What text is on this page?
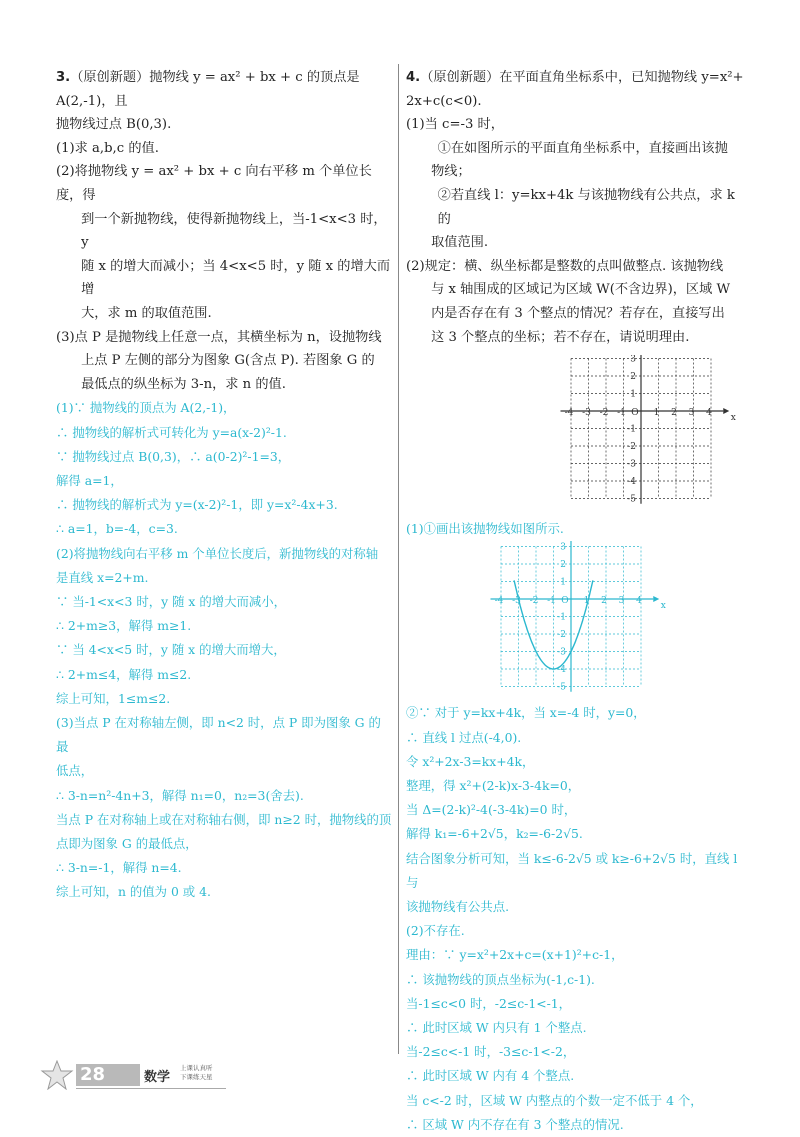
3.（原创新题）抛物线 y = ax² + bx + c 的顶点是 A(2,-1)，且
抛物线过点 B(0,3).
(1)求 a,b,c 的值.
(2)将抛物线 y = ax² + bx + c 向右平移 m 个单位长度，得
到一个新抛物线，使得新抛物线上，当-1<x<3 时，y
随 x 的增大而减小；当 4<x<5 时，y 随 x 的增大而增
大，求 m 的取值范围.
(3)点 P 是抛物线上任意一点，其横坐标为 n，设抛物线
上点 P 左侧的部分为图象 G(含点 P). 若图象 G 的
最低点的纵坐标为 3-n，求 n 的值.
(1)∵ 抛物线的顶点为 A(2,-1)，
∴ 抛物线的解析式可转化为 y=a(x-2)²-1.
∵ 抛物线过点 B(0,3)，∴ a(0-2)²-1=3，
解得 a=1，
∴ 抛物线的解析式为 y=(x-2)²-1，即 y=x²-4x+3.
∴ a=1，b=-4，c=3.
(2)将抛物线向右平移 m 个单位长度后，新抛物线的对称轴
是直线 x=2+m.
∵ 当-1<x<3 时，y 随 x 的增大而减小，
∴ 2+m≥3，解得 m≥1.
∵ 当 4<x<5 时，y 随 x 的增大而增大，
∴ 2+m≤4，解得 m≤2.
综上可知，1≤m≤2.
(3)当点 P 在对称轴左侧，即 n<2 时，点 P 即为图象 G 的最
低点，
∴ 3-n=n²-4n+3，解得 n₁=0，n₂=3(舍去).
当点 P 在对称轴上或在对称轴右侧，即 n≥2 时，抛物线的顶
点即为图象 G 的最低点，
∴ 3-n=-1，解得 n=4.
综上可知，n 的值为 0 或 4.
4.（原创新题）在平面直角坐标系中，已知抛物线 y=x²+
2x+c(c<0).
(1)当 c=-3 时，
①在如图所示的平面直角坐标系中，直接画出该抛
物线；
②若直线 l：y=kx+4k 与该抛物线有公共点，求 k 的
取值范围.
(2)规定：横、纵坐标都是整数的点叫做整点. 该抛物线
与 x 轴围成的区域记为区域 W(不含边界)，区域 W
内是否存在有 3 个整点的情况？若存在，直接写出
这 3 个整点的坐标；若不存在，请说明理由.
x
O
-4 -3 -2 -1	1 2 3 4
3
2
1
-1
-2
-3
-4
-5
(1)①画出该抛物线如图所示.
x
O
-4 -3 -2 -1	1 2 3 4
3
2
1
-1
-2
-3
-4
-5
②∵ 对于 y=kx+4k，当 x=-4 时，y=0，
∴ 直线 l 过点(-4,0).
令 x²+2x-3=kx+4k，
整理，得 x²+(2-k)x-3-4k=0，
当 Δ=(2-k)²-4(-3-4k)=0 时，
解得 k₁=-6+2√5，k₂=-6-2√5.
结合图象分析可知，当 k≤-6-2√5 或 k≥-6+2√5 时，直线 l 与
该抛物线有公共点.
(2)不存在.
理由：∵ y=x²+2x+c=(x+1)²+c-1，
∴ 该抛物线的顶点坐标为(-1,c-1).
当-1≤c<0 时，-2≤c-1<-1，
∴ 此时区域 W 内只有 1 个整点.
当-2≤c<-1 时，-3≤c-1<-2，
∴ 此时区域 W 内有 4 个整点.
当 c<-2 时，区域 W 内整点的个数一定不低于 4 个，
∴ 区域 W 内不存在有 3 个整点的情况.
28	数学
上课认真听
下课练天星
